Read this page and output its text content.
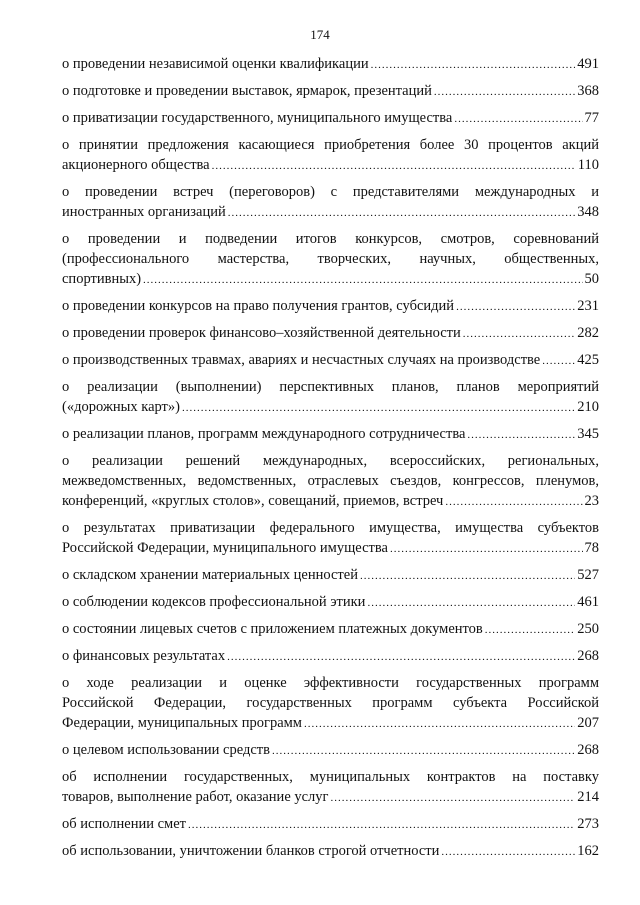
174
о проведении независимой оценки квалификации .....	491
о подготовке и проведении выставок, ярмарок, презентаций .....	368
о приватизации государственного, муниципального имущества .....	77
о принятии предложения касающиеся приобретения более 30 процентов акций
акционерного общества .....	110
о проведении встреч (переговоров) с представителями международных и
иностранных организаций .....	348
о проведении и подведении итогов конкурсов, смотров, соревнований
(профессионального мастерства, творческих, научных, общественных,
спортивных) .....	50
о проведении конкурсов на право получения грантов, субсидий .....	231
о проведении проверок финансово–хозяйственной деятельности .....	282
о производственных травмах, авариях и несчастных случаях на производстве .....	425
о реализации (выполнении) перспективных планов, планов мероприятий
(«дорожных карт») .....	210
о реализации планов, программ международного сотрудничества .....	345
о реализации решений международных, всероссийских, региональных,
межведомственных, ведомственных, отраслевых съездов, конгрессов, пленумов,
конференций, «круглых столов», совещаний, приемов, встреч .....	23
о результатах приватизации федерального имущества, имущества субъектов
Российской Федерации, муниципального имущества .....	78
о складском хранении материальных ценностей .....	527
о соблюдении кодексов профессиональной этики .....	461
о состоянии лицевых счетов с приложением платежных документов .....	250
о финансовых результатах .....	268
о ходе реализации и оценке эффективности государственных программ
Российской Федерации, государственных программ субъекта Российской
Федерации, муниципальных программ .....	207
о целевом использовании средств .....	268
об исполнении государственных, муниципальных контрактов на поставку
товаров, выполнение работ, оказание услуг .....	214
об исполнении смет .....	273
об использовании, уничтожении бланков строгой отчетности .....	162
